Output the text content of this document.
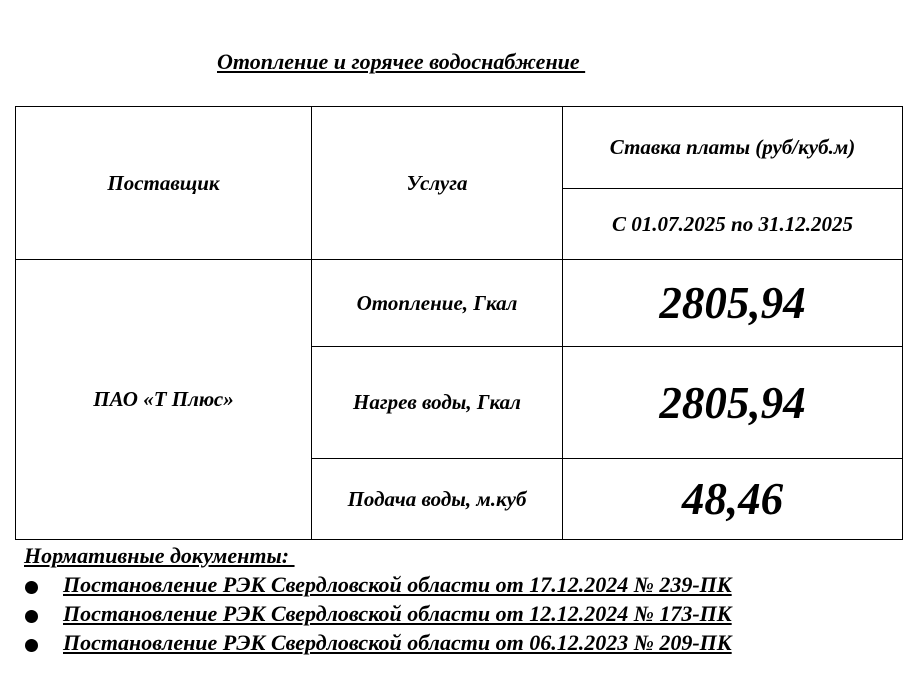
Отопление и горячее водоснабжение
Поставщик	Услуга
Ставка платы (руб/куб.м)
С 01.07.2025 по 31.12.2025
ПАО «Т Плюс»
Отопление, Гкал	2805,94
Нагрев воды, Гкал	2805,94
Подача воды, м.куб	48,46
Нормативные документы:
Постановление РЭК Свердловской области от 17.12.2024 № 239-ПК
Постановление РЭК Свердловской области от 12.12.2024 № 173-ПК
Постановление РЭК Свердловской области от 06.12.2023 № 209-ПК
